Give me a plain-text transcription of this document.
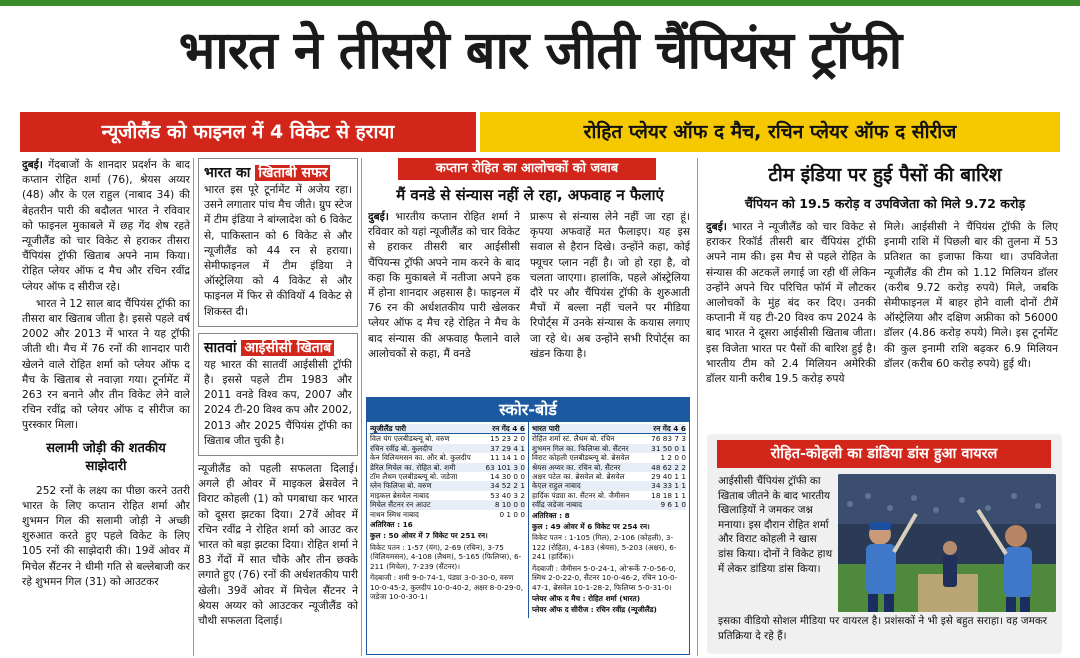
भारत ने तीसरी बार जीती चैंपियंस ट्रॉफी
न्यूजीलैंड को फाइनल में 4 विकेट से हराया	रोहित प्लेयर ऑफ द मैच, रचिन प्लेयर ऑफ द सीरीज

दुबई। गेंदबाजों के शानदार प्रदर्शन के बाद कप्तान रोहित शर्मा (76), श्रेयस अय्यर (48) और के एल राहुल (नाबाद 34) की बेहतरीन पारी की बदौलत भारत ने रविवार को फाइनल मुकाबले में छह गेंद शेष रहते न्यूजीलैंड को चार विकेट से हराकर तीसरा चैंपियंस ट्रॉफी खिताब अपने नाम किया। रोहित प्लेयर ऑफ द मैच और रचिन रवींद्र प्लेयर ऑफ द सीरीज रहे।

भारत ने 12 साल बाद चैंपियंस ट्रॉफी का तीसरा बार खिताब जीता है। इससे पहले वर्ष 2002 और 2013 में भारत ने यह ट्रॉफी जीती थी। मैच में 76 रनों की शानदार पारी खेलने वाले रोहित शर्मा को प्लेयर ऑफ द मैच के खिताब से नवाज़ा गया। टूर्नामेंट में 263 रन बनाने और तीन विकेट लेने वाले रचिन रवींद्र को प्लेयर ऑफ द सीरीज का पुरस्कार मिला।

सलामी जोड़ी की शतकीय साझेदारी

252 रनों के लक्ष्य का पीछा करने उतरी भारत के लिए कप्तान रोहित शर्मा और शुभमन गिल की सलामी जोड़ी ने अच्छी शुरुआत करते हुए पहले विकेट के लिए 105 रनों की साझेदारी की। 19वें ओवर में मिचेल सैंटनर ने धीमी गति से बल्लेबाजी कर रहे शुभमन गिल (31) को आउटकर

भारत का खिताबी सफर

भारत इस पूरे टूर्नामेंट में अजेय रहा। उसने लगातार पांच मैच जीते। ग्रुप स्टेज में टीम इंडिया ने बांग्लादेश को 6 विकेट से, पाकिस्तान को 6 विकेट से और न्यूजीलैंड को 44 रन से हराया। सेमीफाइनल में टीम इंडिया ने ऑस्ट्रेलिया को 4 विकेट से और फाइनल में फिर से कीवियों 4 विकेट से शिकस्त दी।

सातवां आईसीसी खिताब

यह भारत की सातवीं आईसीसी ट्रॉफी है। इससे पहले टीम 1983 और 2011 वनडे विश्व कप, 2007 और 2024 टी-20 विश्व कप और 2002, 2013 और 2025 चैंपियंस ट्रॉफी का खिताब जीत चुकी है।

न्यूजीलैंड को पहली सफलता दिलाई। अगले ही ओवर में माइकल ब्रेसवेल ने विराट कोहली (1) को पगबाधा कर भारत को दूसरा झटका दिया। 27वें ओवर में रचिन रवींद्र ने रोहित शर्मा को आउट कर भारत को बड़ा झटका दिया। रोहित शर्मा ने 83 गेंदों में सात चौके और तीन छक्के लगाते हुए (76) रनों की अर्धशतकीय पारी खेली। 39वें ओवर में मिचेल सैंटनर ने श्रेयस अय्यर को आउटकर न्यूजीलैंड को चौथी सफलता दिलाई।

कप्तान रोहित का आलोचकों को जवाब
मैं वनडे से संन्यास नहीं ले रहा, अफवाह न फैलाएं

दुबई। भारतीय कप्तान रोहित शर्मा ने रविवार को यहां न्यूजीलैंड को चार विकेट से हराकर तीसरी बार आईसीसी चैंपियन्स ट्रॉफी अपने नाम करने के बाद कहा कि मुकाबले में नतीजा अपने हक में होना शानदार अहसास है। फाइनल में 76 रन की अर्धशतकीय पारी खेलकर प्लेयर ऑफ द मैच रहे रोहित ने मैच के बाद संन्यास की अफवाह फैलाने वाले आलोचकों से कहा, मैं वनडे

प्रारूप से संन्यास लेने नहीं जा रहा हूं। कृपया अफवाहें मत फैलाइए। यह इस सवाल से हैरान दिखे। उन्होंने कहा, कोई फ्यूचर प्लान नहीं है। जो हो रहा है, वो चलता जाएगा। हालांकि, पहले ऑस्ट्रेलिया दौरे पर और चैंपियंस ट्रॉफी के शुरुआती मैचों में बल्ला नहीं चलने पर मीडिया रिपोर्ट्स में उनके संन्यास के कयास लगाए जा रहे थे। अब उन्होंने सभी रिपोर्ट्स का खंडन किया है।

स्कोर-बोर्ड
न्यूजीलैंड पारी	रन गेंद 4 6
विल यंग एलबीडब्ल्यू बो. वरुण	15 23 2 0
रचिन रवींद्र बो. कुलदीप	37 29 4 1
केन विलियमसन का. और बो. कुलदीप	11 14 1 0
डेरिल मिचेल का. रोहित बो. शमी	63 101 3 0
टॉम लैथम एलबीडब्ल्यू बो. जडेजा	14 30 0 0
ग्लेन फिलिप्स बो. वरुण	34 52 2 1
माइकल ब्रेसवेल नाबाद	53 40 3 2
मिचेल सैंटनर रन आउट	8 10 0 0
नाथन स्मिथ नाबाद	0 1 0 0
अतिरिक्त : 16
कुल : 50 ओवर में 7 विकेट पर 251 रन।
विकेट पतन : 1-57 (यंग), 2-69 (रचिन), 3-75 (विलियमसन), 4-108 (लैथम), 5-165 (फिलिप्स), 6-211 (मिचेल), 7-239 (सैंटनर)।
गेंदबाजी : शमी 9-0-74-1, पंड्या 3-0-30-0, वरुण 10-0-45-2, कुलदीप 10-0-40-2, अक्षर 8-0-29-0, जडेजा 10-0-30-1।
भारत पारी	रन गेंद 4 6
रोहित शर्मा स्टं. लैथम बो. रचिन	76 83 7 3
शुभमन गिल का. फिलिप्स बो. सैंटनर	31 50 0 1
विराट कोहली एलबीडब्ल्यू बो. ब्रेसवेल	1 2 0 0
श्रेयस अय्यर का. रचिन बो. सैंटनर	48 62 2 2
अक्षर पटेल का. ब्रेसवेल बो. ब्रेसवेल	29 40 1 1
केएल राहुल नाबाद	34 33 1 1
हार्दिक पंड्या का. सैंटनर बो. जैमीसन	18 18 1 1
रवींद्र जडेजा नाबाद	9 6 1 0
अतिरिक्त : 8
कुल : 49 ओवर में 6 विकेट पर 254 रन।
विकेट पतन : 1-105 (गिल), 2-106 (कोहली), 3-122 (रोहित), 4-183 (श्रेयस), 5-203 (अक्षर), 6-241 (हार्दिक)।
गेंदबाजी : जैमीसन 5-0-24-1, ओ'रूर्के 7-0-56-0, स्मिथ 2-0-22-0, सैंटनर 10-0-46-2, रचिन 10-0-47-1, ब्रेसवेल 10-1-28-2, फिलिप्स 5-0-31-0।
प्लेयर ऑफ द मैच : रोहित शर्मा (भारत)
प्लेयर ऑफ द सीरीज : रचिन रवींद्र (न्यूजीलैंड)
टीम इंडिया पर हुई पैसों की बारिश
चैंपियन को 19.5 करोड़ व उपविजेता को मिले 9.72 करोड़

दुबई। भारत ने न्यूजीलैंड को चार विकेट से हराकर रिकॉर्ड तीसरी बार चैंपियंस ट्रॉफी अपने नाम की। इस मैच से पहले रोहित के संन्यास की अटकलें लगाई जा रही थीं लेकिन उन्होंने अपने चिर परिचित फॉर्म में लौटकर आलोचकों के मुंह बंद कर दिए। उनकी कप्तानी में यह टी-20 विश्व कप 2024 के बाद भारत ने दूसरा आईसीसी खिताब जीता। इस विजेता भारत पर पैसों की बारिश हुई है। भारतीय टीम को 2.4 मिलियन अमेरिकी डॉलर यानी करीब 19.5 करोड़ रुपये

मिले। आईसीसी ने चैंपियंस ट्रॉफी के लिए इनामी राशि में पिछली बार की तुलना में 53 प्रतिशत का इजाफा किया था। उपविजेता न्यूजीलैंड की टीम को 1.12 मिलियन डॉलर (करीब 9.72 करोड़ रुपये) मिले, जबकि सेमीफाइनल में बाहर होने वाली दोनों टीमें ऑस्ट्रेलिया और दक्षिण अफ्रीका को 56000 डॉलर (4.86 करोड़ रुपये) मिले। इस टूर्नामेंट की कुल इनामी राशि बढ़कर 6.9 मिलियन डॉलर (करीब 60 करोड़ रुपये) हुई थी।

रोहित-कोहली का डांडिया डांस हुआ वायरल
आईसीसी चैंपियंस ट्रॉफी का खिताब जीतने के बाद भारतीय खिलाड़ियों ने जमकर जश्न मनाया। इस दौरान रोहित शर्मा और विराट कोहली ने खास डांस किया। दोनों ने विकेट हाथ में लेकर डांडिया डांस किया।
इसका वीडियो सोशल मीडिया पर वायरल है। प्रशंसकों ने भी इसे बहुत सराहा। वह जमकर प्रतिक्रिया दे रहे हैं।
